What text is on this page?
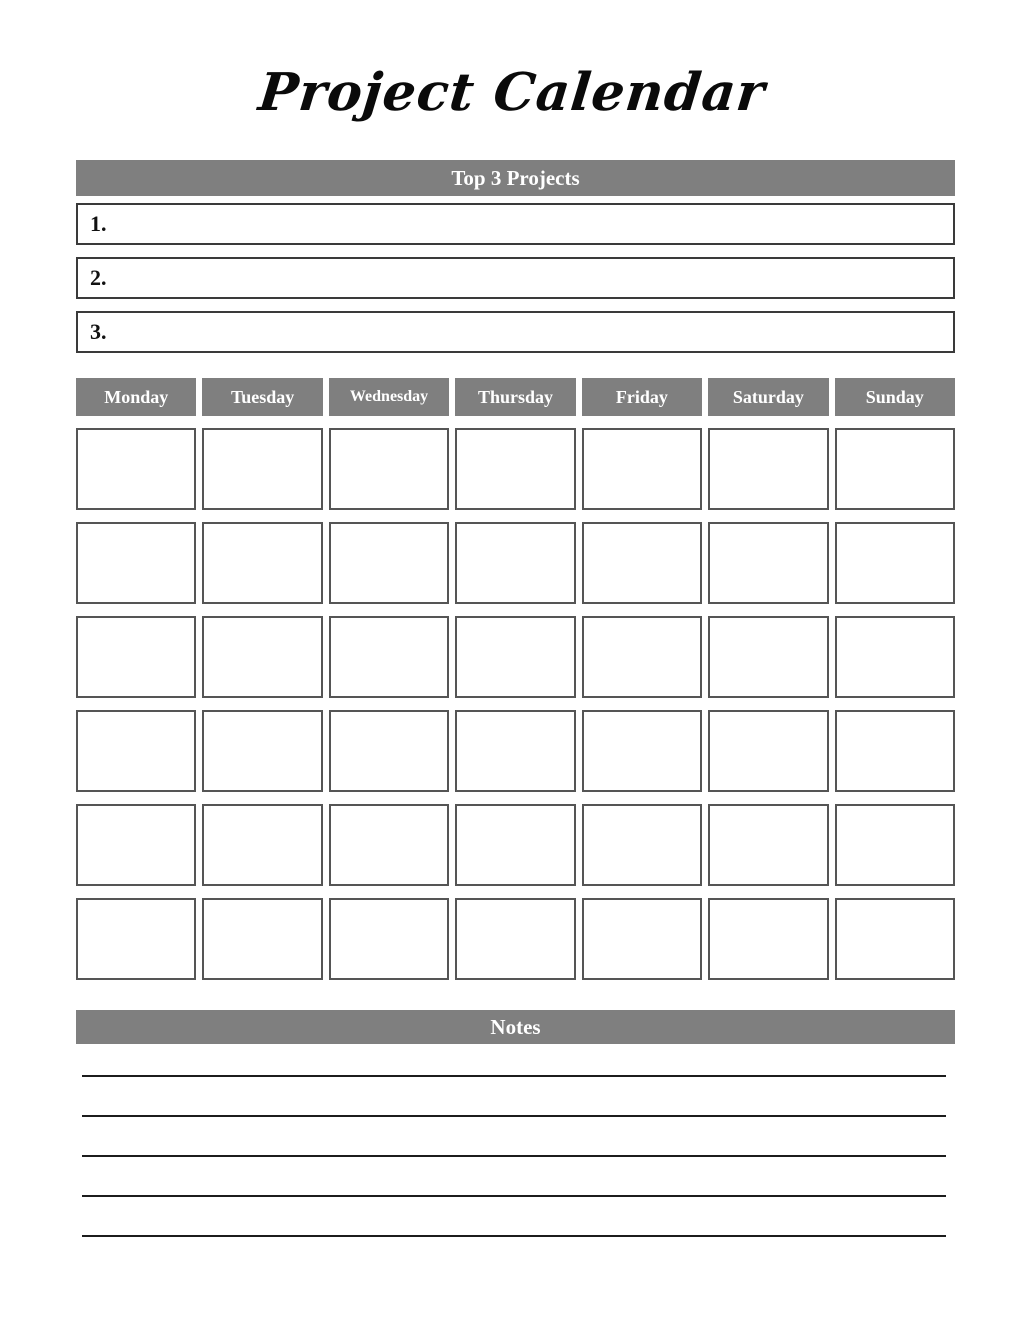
Project Calendar
Top 3 Projects
1.
2.
3.
Monday	Tuesday	Wednesday	Thursday	Friday	Saturday	Sunday
Notes
